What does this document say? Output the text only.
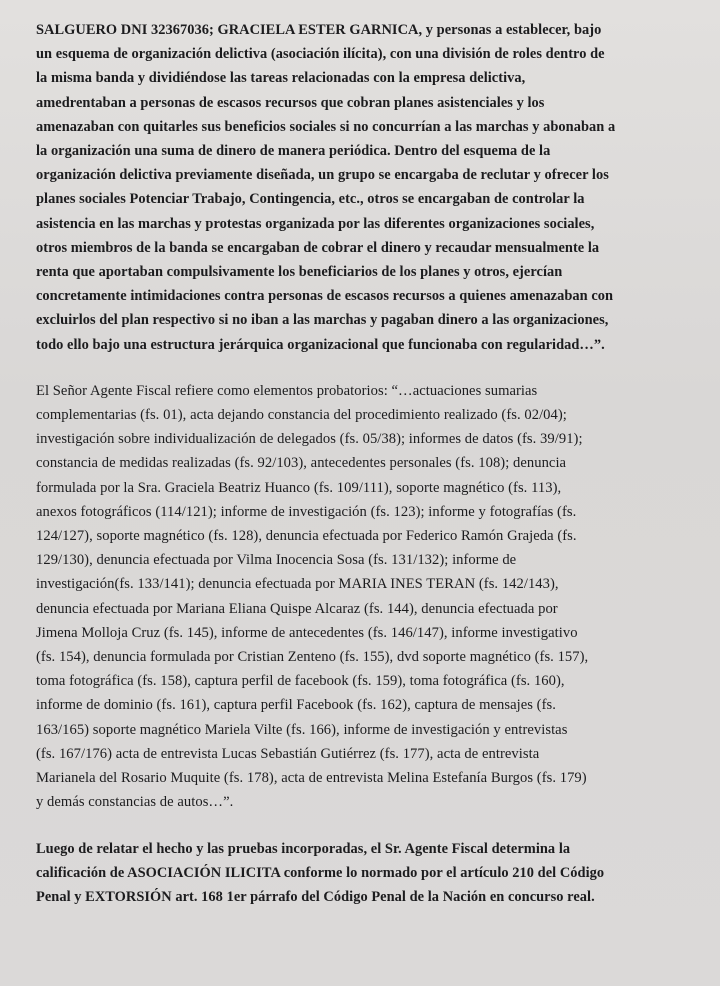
SALGUERO DNI 32367036; GRACIELA ESTER GARNICA, y personas a establecer, bajo
un esquema de organización delictiva (asociación ilícita), con una división de roles dentro de
la misma banda y dividiéndose las tareas relacionadas con la empresa delictiva,
amedrentaban a personas de escasos recursos que cobran planes asistenciales y los
amenazaban con quitarles sus beneficios sociales si no concurrían a las marchas y abonaban a
la organización una suma de dinero de manera periódica. Dentro del esquema de la
organización delictiva previamente diseñada, un grupo se encargaba de reclutar y ofrecer los
planes sociales Potenciar Trabajo, Contingencia, etc., otros se encargaban de controlar la
asistencia en las marchas y protestas organizada por las diferentes organizaciones sociales,
otros miembros de la banda se encargaban de cobrar el dinero y recaudar mensualmente la
renta que aportaban compulsivamente los beneficiarios de los planes y otros, ejercían
concretamente intimidaciones contra personas de escasos recursos a quienes amenazaban con
excluirlos del plan respectivo si no iban a las marchas y pagaban dinero a las organizaciones,
todo ello bajo una estructura jerárquica organizacional que funcionaba con regularidad…”.

El Señor Agente Fiscal refiere como elementos probatorios: “…actuaciones sumarias
complementarias (fs. 01), acta dejando constancia del procedimiento realizado (fs. 02/04);
investigación sobre individualización de delegados (fs. 05/38); informes de datos (fs. 39/91);
constancia de medidas realizadas (fs. 92/103), antecedentes personales (fs. 108); denuncia
formulada por la Sra. Graciela Beatriz Huanco (fs. 109/111), soporte magnético (fs. 113),
anexos fotográficos (114/121); informe de investigación (fs. 123); informe y fotografías (fs.
124/127), soporte magnético (fs. 128), denuncia efectuada por Federico Ramón Grajeda (fs.
129/130), denuncia efectuada por Vilma Inocencia Sosa (fs. 131/132); informe de
investigación(fs. 133/141); denuncia efectuada por MARIA INES TERAN (fs. 142/143),
denuncia efectuada por Mariana Eliana Quispe Alcaraz (fs. 144), denuncia efectuada por
Jimena Molloja Cruz (fs. 145), informe de antecedentes (fs. 146/147), informe investigativo
(fs. 154), denuncia formulada por Cristian Zenteno (fs. 155), dvd soporte magnético (fs. 157),
toma fotográfica (fs. 158), captura perfil de facebook (fs. 159), toma fotográfica (fs. 160),
informe de dominio (fs. 161), captura perfil Facebook (fs. 162), captura de mensajes (fs.
163/165) soporte magnético Mariela Vilte (fs. 166), informe de investigación y entrevistas
(fs. 167/176) acta de entrevista Lucas Sebastián Gutiérrez (fs. 177), acta de entrevista
Marianela del Rosario Muquite (fs. 178), acta de entrevista Melina Estefanía Burgos (fs. 179)
y demás constancias de autos…”.

Luego de relatar el hecho y las pruebas incorporadas, el Sr. Agente Fiscal determina la
calificación de ASOCIACIÓN ILICITA conforme lo normado por el artículo 210 del Código
Penal y EXTORSIÓN art. 168 1er párrafo del Código Penal de la Nación en concurso real.
